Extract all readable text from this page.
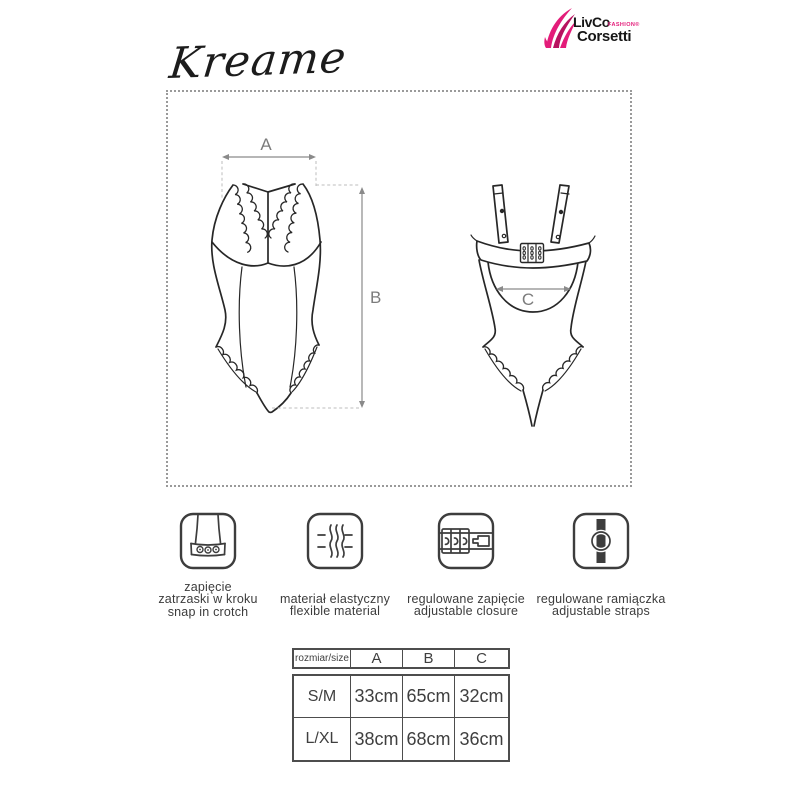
LivCo
FASHION®
Corsetti
Kreame
A
B	C
zapięcie
zatrzaski w kroku
snap in crotch
materiał elastyczny
flexible material
regulowane zapięcie
adjustable closure
regulowane ramiączka
adjustable straps
rozmiar/size	A	B	C
S/M	33cm 65cm 32cm
L/XL 38cm 68cm 36cm
